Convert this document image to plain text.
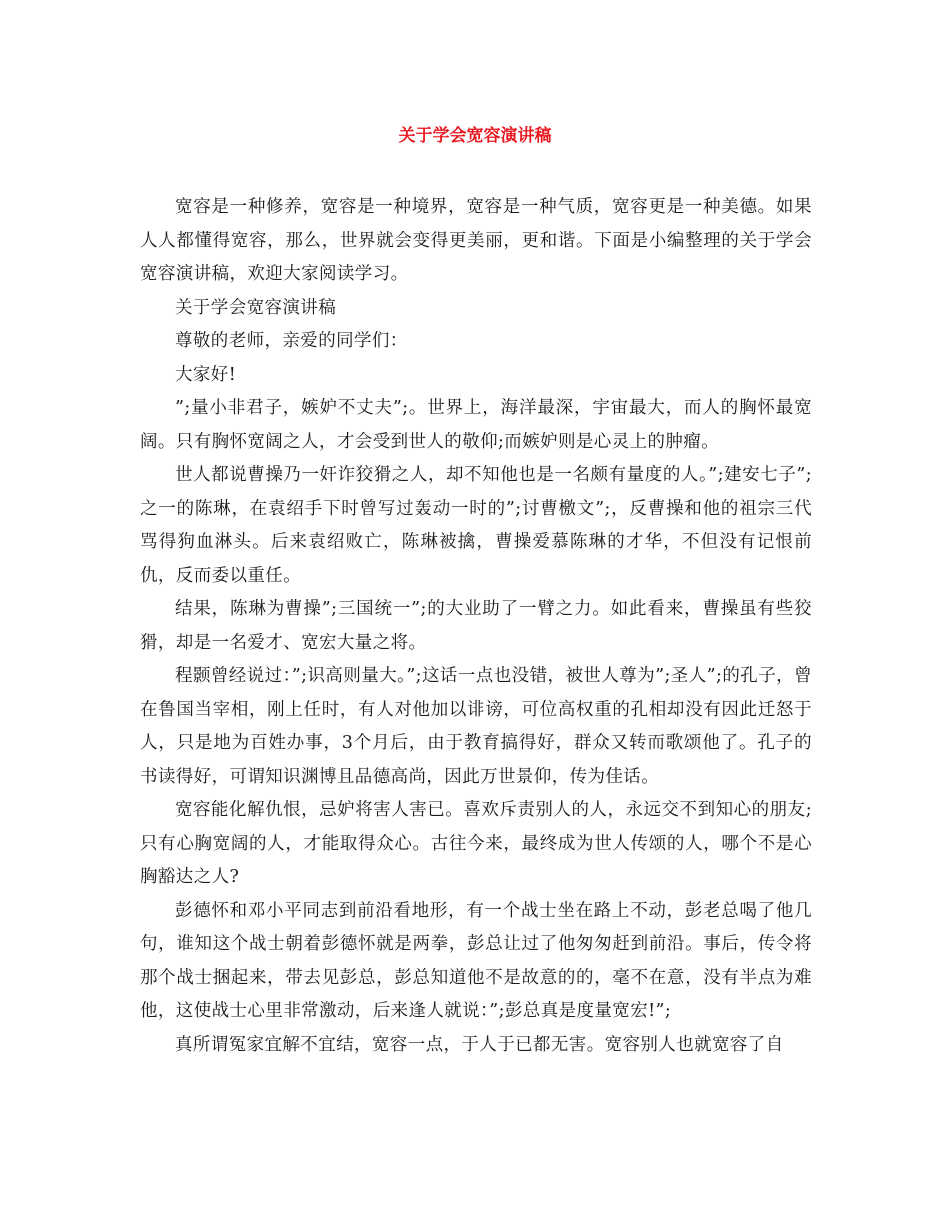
关于学会宽容演讲稿

宽容是一种修养，宽容是一种境界，宽容是一种气质，宽容更是一种美德。如果人人都懂得宽容，那么，世界就会变得更美丽，更和谐。下面是小编整理的关于学会宽容演讲稿，欢迎大家阅读学习。

关于学会宽容演讲稿

尊敬的老师，亲爱的同学们：

大家好!

”;量小非君子，嫉妒不丈夫”;。世界上，海洋最深，宇宙最大，而人的胸怀最宽阔。只有胸怀宽阔之人，才会受到世人的敬仰;而嫉妒则是心灵上的肿瘤。

世人都说曹操乃一奸诈狡猾之人，却不知他也是一名颇有量度的人。”;建安七子”;之一的陈琳，在袁绍手下时曾写过轰动一时的”;讨曹檄文”;，反曹操和他的祖宗三代骂得狗血淋头。后来袁绍败亡，陈琳被擒，曹操爱慕陈琳的才华，不但没有记恨前仇，反而委以重任。

结果，陈琳为曹操”;三国统一”;的大业助了一臂之力。如此看来，曹操虽有些狡猾，却是一名爱才、宽宏大量之将。

程颢曾经说过：”;识高则量大。”;这话一点也没错，被世人尊为”;圣人”;的孔子，曾在鲁国当宰相，刚上任时，有人对他加以诽谤，可位高权重的孔相却没有因此迁怒于人，只是地为百姓办事，3个月后，由于教育搞得好，群众又转而歌颂他了。孔子的书读得好，可谓知识渊博且品德高尚，因此万世景仰，传为佳话。

宽容能化解仇恨，忌妒将害人害已。喜欢斥责别人的人，永远交不到知心的朋友;只有心胸宽阔的人，才能取得众心。古往今来，最终成为世人传颂的人，哪个不是心胸豁达之人?

彭德怀和邓小平同志到前沿看地形，有一个战士坐在路上不动，彭老总喝了他几句，谁知这个战士朝着彭德怀就是两拳，彭总让过了他匆匆赶到前沿。事后，传令将那个战士捆起来，带去见彭总，彭总知道他不是故意的的，毫不在意，没有半点为难他，这使战士心里非常激动，后来逢人就说：”;彭总真是度量宽宏!”;

真所谓冤家宜解不宜结，宽容一点，于人于已都无害。宽容别人也就宽容了自
